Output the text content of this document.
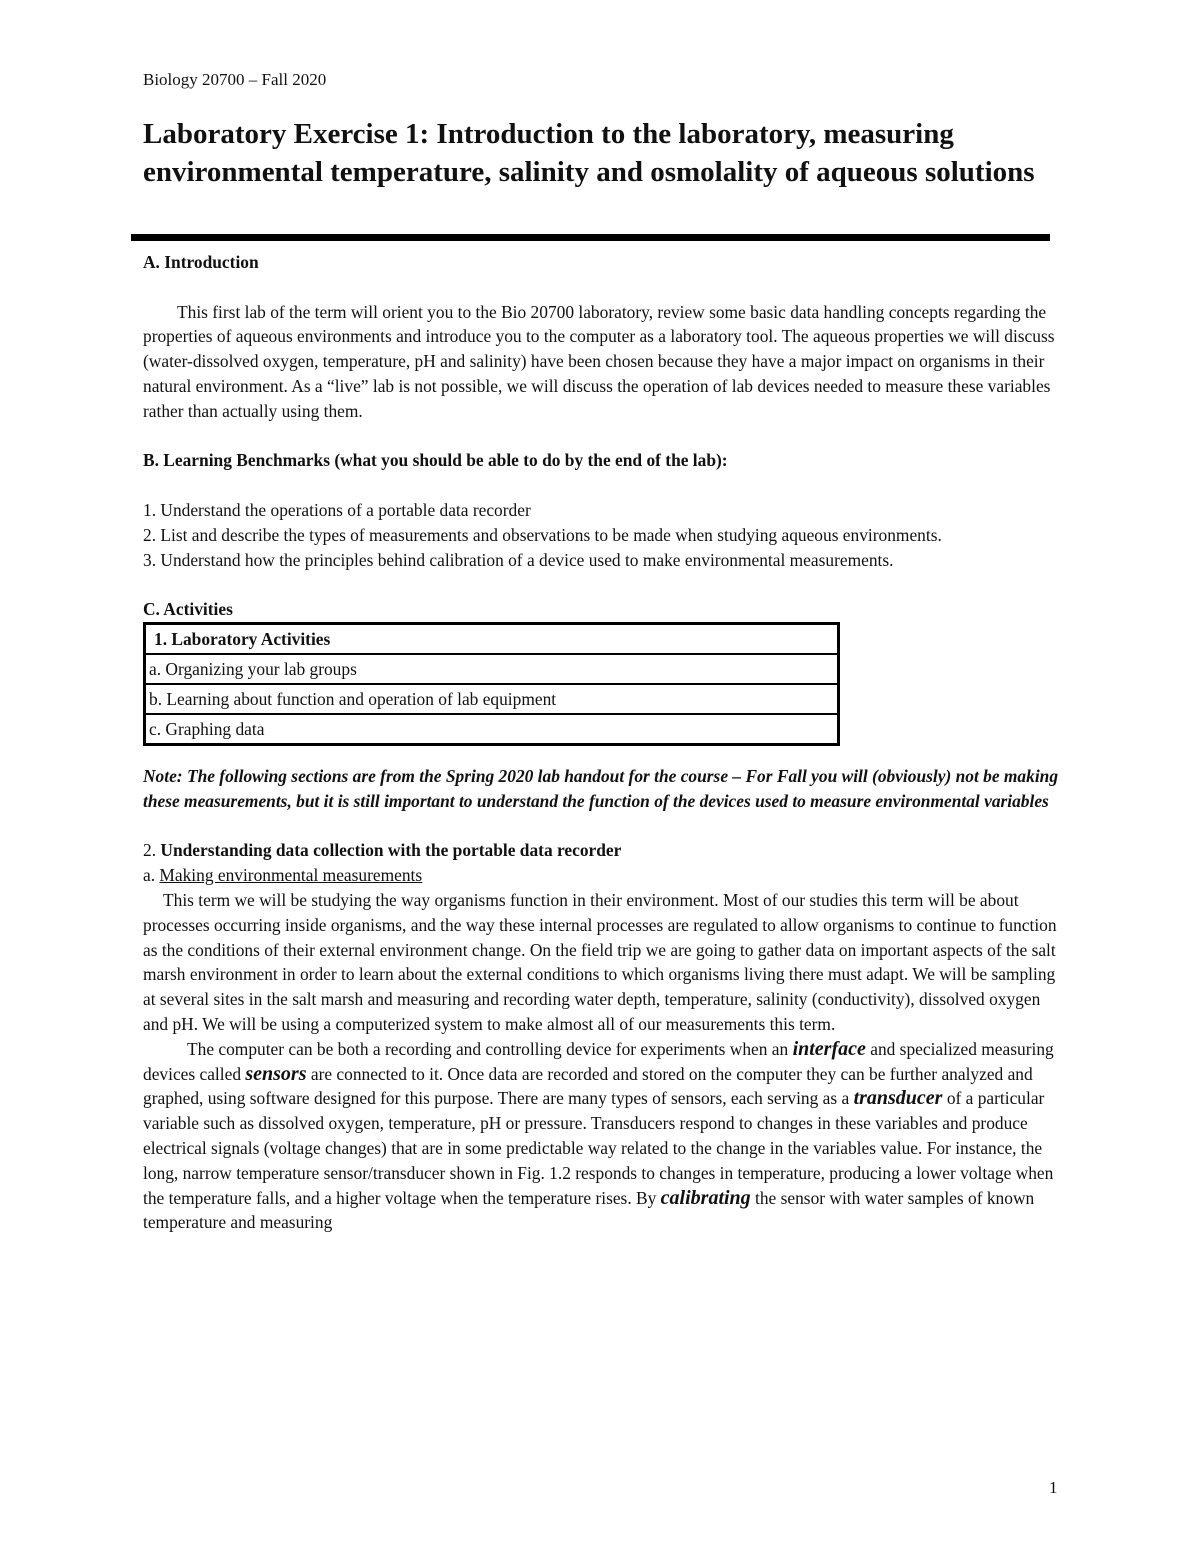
Biology 20700 – Fall 2020
Laboratory Exercise 1: Introduction to the laboratory, measuring environmental temperature, salinity and osmolality of aqueous solutions

A. Introduction

This first lab of the term will orient you to the Bio 20700 laboratory, review some basic data handling concepts regarding the properties of aqueous environments and introduce you to the computer as a laboratory tool. The aqueous properties we will discuss (water-dissolved oxygen, temperature, pH and salinity) have been chosen because they have a major impact on organisms in their natural environment. As a “live” lab is not possible, we will discuss the operation of lab devices needed to measure these variables rather than actually using them.

B. Learning Benchmarks (what you should be able to do by the end of the lab):

1. Understand the operations of a portable data recorder

2. List and describe the types of measurements and observations to be made when studying aqueous environments.

3. Understand how the principles behind calibration of a device used to make environmental measurements.

C. Activities

1. Laboratory Activities
a. Organizing your lab groups
b. Learning about function and operation of lab equipment
c. Graphing data

Note: The following sections are from the Spring 2020 lab handout for the course – For Fall you will (obviously) not be making these measurements, but it is still important to understand the function of the devices used to measure environmental variables

2. Understanding data collection with the portable data recorder

a. Making environmental measurements

This term we will be studying the way organisms function in their environment. Most of our studies this term will be about processes occurring inside organisms, and the way these internal processes are regulated to allow organisms to continue to function as the conditions of their external environment change. On the field trip we are going to gather data on important aspects of the salt marsh environment in order to learn about the external conditions to which organisms living there must adapt. We will be sampling at several sites in the salt marsh and measuring and recording water depth, temperature, salinity (conductivity), dissolved oxygen and pH. We will be using a computerized system to make almost all of our measurements this term.

The computer can be both a recording and controlling device for experiments when an interface and specialized measuring devices called sensors are connected to it. Once data are recorded and stored on the computer they can be further analyzed and graphed, using software designed for this purpose. There are many types of sensors, each serving as a transducer of a particular variable such as dissolved oxygen, temperature, pH or pressure. Transducers respond to changes in these variables and produce electrical signals (voltage changes) that are in some predictable way related to the change in the variables value. For instance, the long, narrow temperature sensor/transducer shown in Fig. 1.2 responds to changes in temperature, producing a lower voltage when the temperature falls, and a higher voltage when the temperature rises. By calibrating the sensor with water samples of known temperature and measuring

1
